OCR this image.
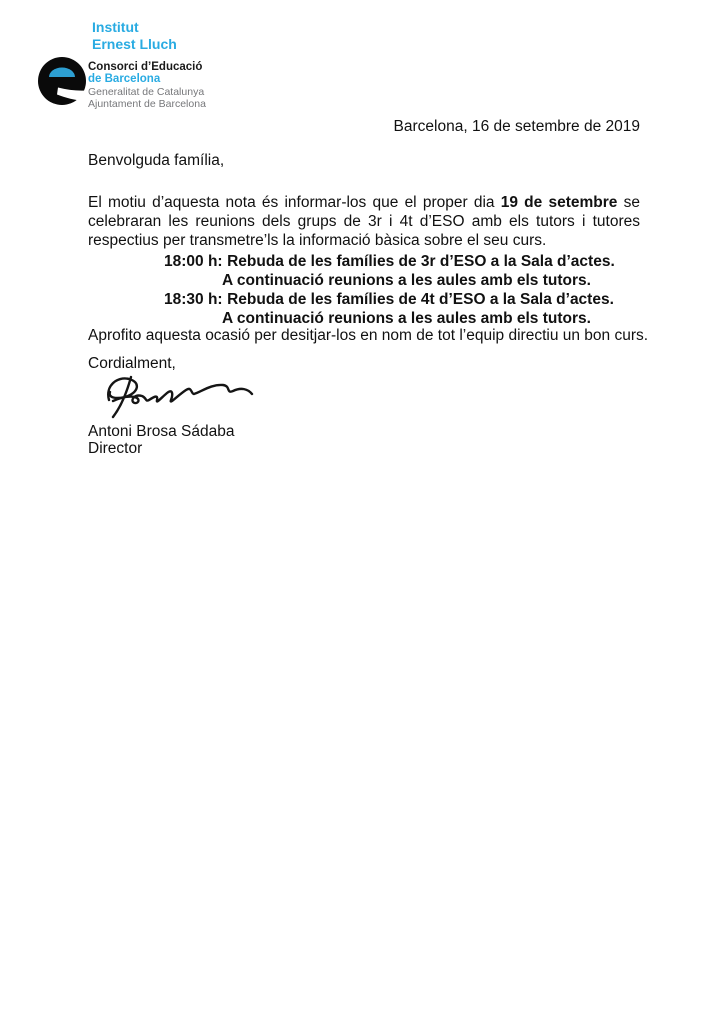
Institut
Ernest Lluch
Consorci d’Educació
de Barcelona
Generalitat de Catalunya
Ajuntament de Barcelona
Barcelona, 16 de setembre de 2019
Benvolguda família,
El motiu d’aquesta nota és informar-los que el proper dia 19 de setembre se
celebraran les reunions dels grups de 3r i 4t d’ESO amb els tutors i tutores
respectius per transmetre’ls la informació bàsica sobre el seu curs.
18:00 h: Rebuda de les famílies de 3r d’ESO a la Sala d’actes.
A continuació reunions a les aules amb els tutors.
18:30 h: Rebuda de les famílies de 4t d’ESO a la Sala d’actes.
A continuació reunions a les aules amb els tutors.
Aprofito aquesta ocasió per desitjar-los en nom de tot l’equip directiu un bon curs.
Cordialment,
Antoni Brosa Sádaba
Director
